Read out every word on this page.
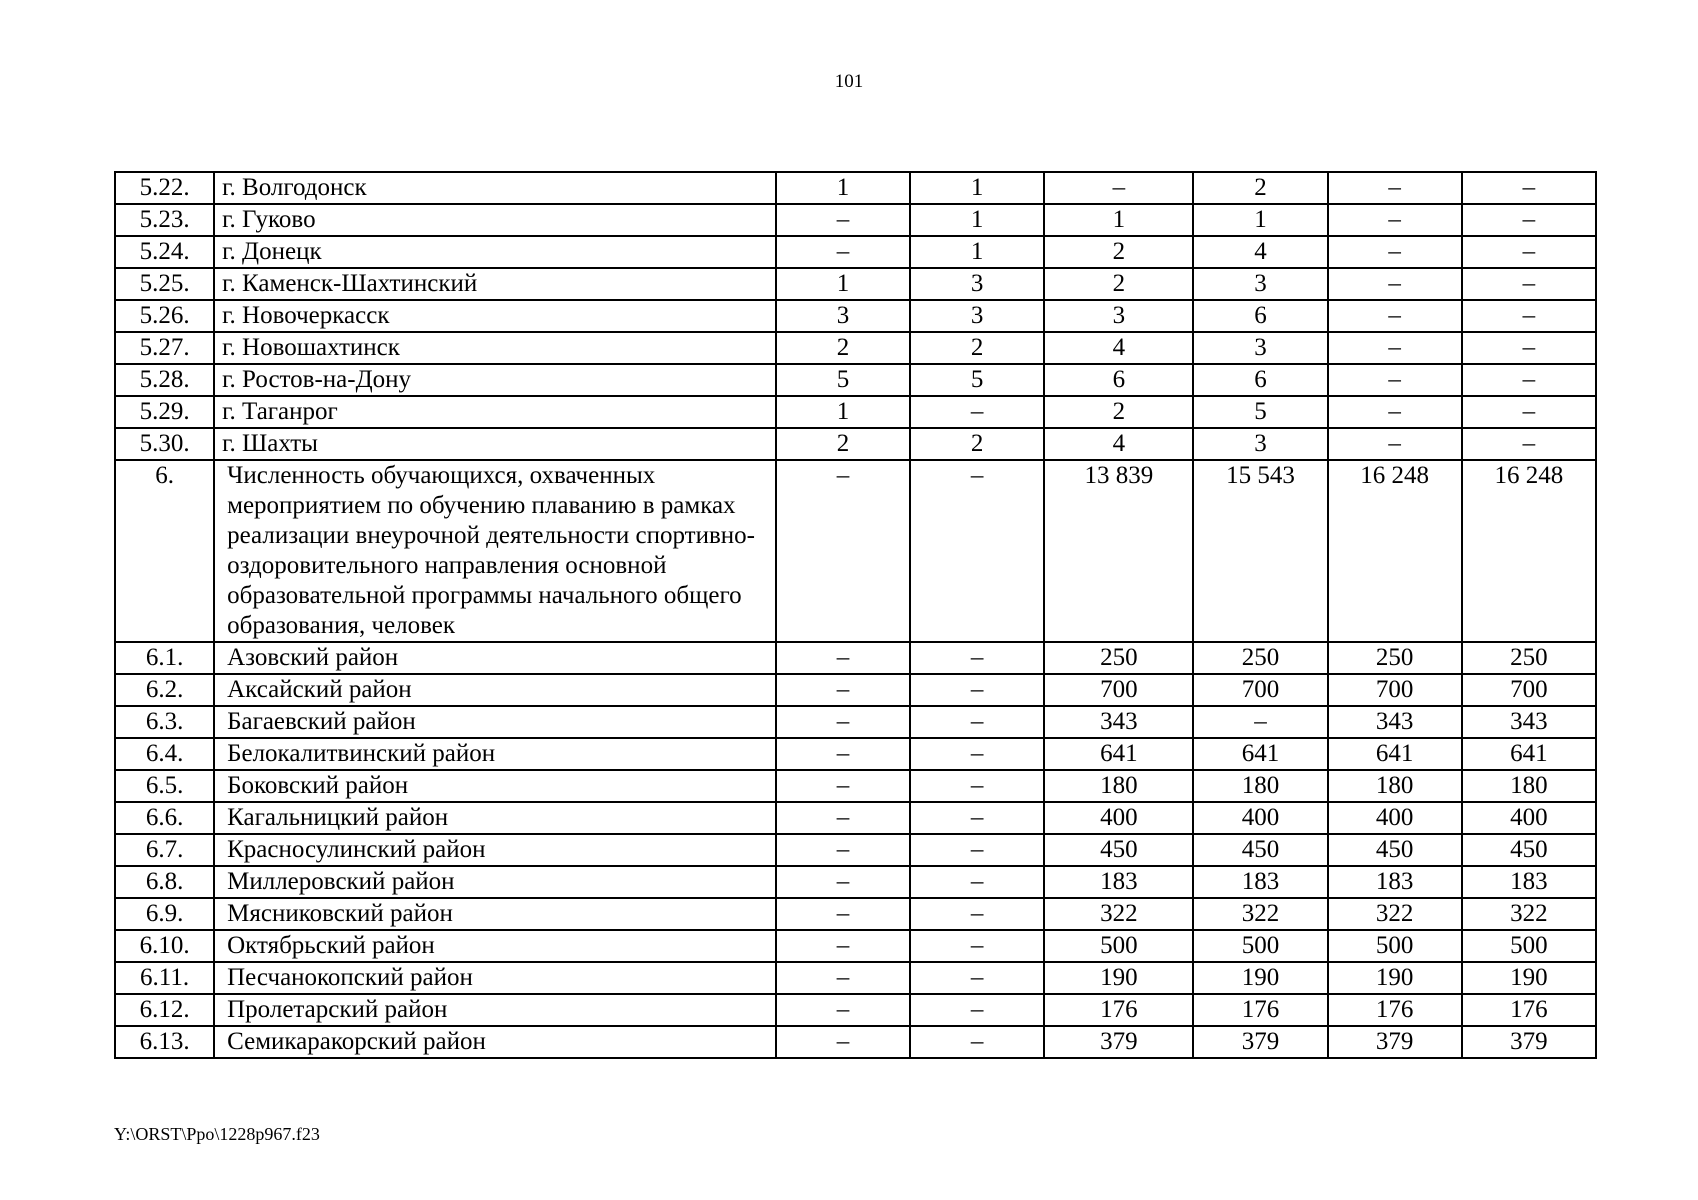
101
5.22.	г. Волгодонск	1	1	–	2	–	–
5.23.	г. Гуково	–	1	1	1	–	–
5.24.	г. Донецк	–	1	2	4	–	–
5.25.	г. Каменск-Шахтинский	1	3	2	3	–	–
5.26.	г. Новочеркасск	3	3	3	6	–	–
5.27.	г. Новошахтинск	2	2	4	3	–	–
5.28.	г. Ростов-на-Дону	5	5	6	6	–	–
5.29.	г. Таганрог	1	–	2	5	–	–
5.30.	г. Шахты	2	2	4	3	–	–
6.	Численность обучающихся, охваченных мероприятием по обучению плаванию в рамках реализации внеурочной деятельности спортивно-оздоровительного направления основной образовательной программы начального общего образования, человек	–	–	13 839	15 543	16 248	16 248
6.1.	Азовский район	–	–	250	250	250	250
6.2.	Аксайский район	–	–	700	700	700	700
6.3.	Багаевский район	–	–	343	–	343	343
6.4.	Белокалитвинский район	–	–	641	641	641	641
6.5.	Боковский район	–	–	180	180	180	180
6.6.	Кагальницкий район	–	–	400	400	400	400
6.7.	Красносулинский район	–	–	450	450	450	450
6.8.	Миллеровский район	–	–	183	183	183	183
6.9.	Мясниковский район	–	–	322	322	322	322
6.10.	Октябрьский район	–	–	500	500	500	500
6.11.	Песчанокопский район	–	–	190	190	190	190
6.12.	Пролетарский район	–	–	176	176	176	176
6.13.	Семикаракорский район	–	–	379	379	379	379
Y:\ORST\Ppo\1228p967.f23
